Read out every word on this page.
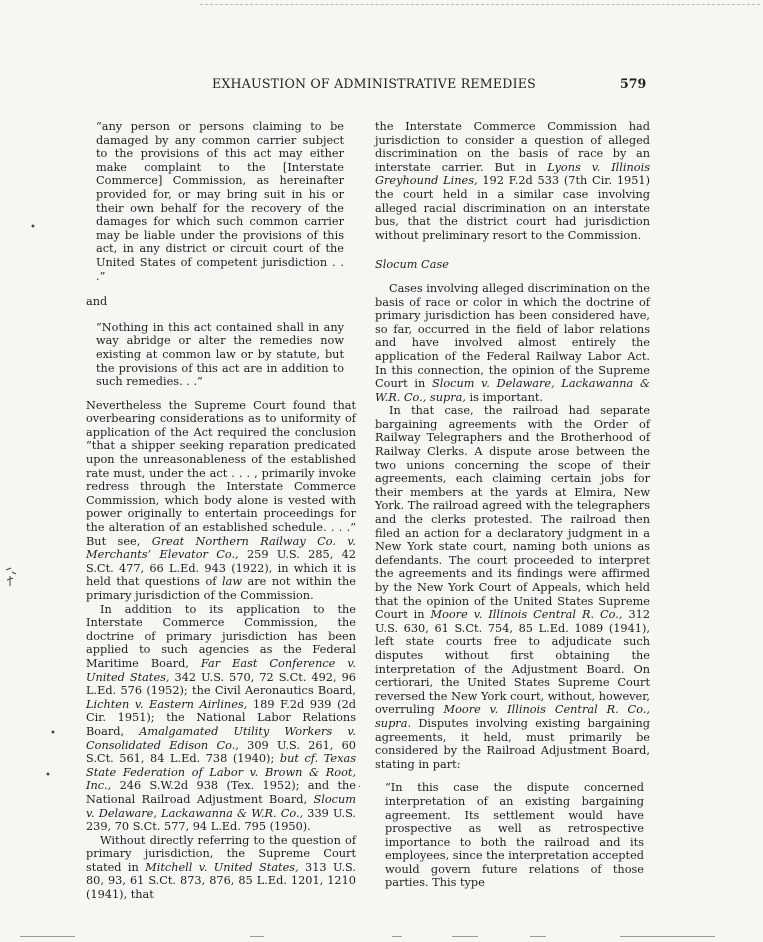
EXHAUSTION OF ADMINISTRATIVE REMEDIES	579
•
•
•
·

“any person or persons claiming to be damaged by any common carrier subject to the provisions of this act may either make complaint to the [Interstate Commerce] Commission, as hereinafter provided for, or may bring suit in his or their own behalf for the recovery of the damages for which such common carrier may be liable under the provisions of this act, in any district or circuit court of the United States of competent jurisdiction . . .”

and

“Nothing in this act contained shall in any way abridge or alter the remedies now existing at common law or by statute, but the provisions of this act are in addition to such remedies. . .”

Nevertheless the Supreme Court found that overbearing considerations as to uniformity of application of the Act required the conclusion “that a shipper seeking reparation predicated upon the unreasonableness of the established rate must, under the act . . . , primarily invoke redress through the Interstate Commerce Commission, which body alone is vested with power originally to entertain proceedings for the alteration of an established schedule. . . .” But see, Great Northern Railway Co. v. Merchants’ Elevator Co., 259 U.S. 285, 42 S.Ct. 477, 66 L.Ed. 943 (1922), in which it is held that questions of law are not within the primary jurisdiction of the Commission.

In addition to its application to the Interstate Commerce Commission, the doctrine of primary jurisdiction has been applied to such agencies as the Federal Maritime Board, Far East Conference v. United States, 342 U.S. 570, 72 S.Ct. 492, 96 L.Ed. 576 (1952); the Civil Aeronautics Board, Lichten v. Eastern Airlines, 189 F.2d 939 (2d Cir. 1951); the National Labor Relations Board, Amalgamated Utility Workers v. Consolidated Edison Co., 309 U.S. 261, 60 S.Ct. 561, 84 L.Ed. 738 (1940); but cf. Texas State Federation of Labor v. Brown & Root, Inc., 246 S.W.2d 938 (Tex. 1952); and the National Railroad Adjustment Board, Slocum v. Delaware, Lackawanna & W.R. Co., 339 U.S. 239, 70 S.Ct. 577, 94 L.Ed. 795 (1950).

Without directly referring to the question of primary jurisdiction, the Supreme Court stated in Mitchell v. United States, 313 U.S. 80, 93, 61 S.Ct. 873, 876, 85 L.Ed. 1201, 1210 (1941), that

the Interstate Commerce Commission had jurisdiction to consider a question of alleged discrimination on the basis of race by an interstate carrier. But in Lyons v. Illinois Greyhound Lines, 192 F.2d 533 (7th Cir. 1951) the court held in a similar case involving alleged racial discrimination on an interstate bus, that the district court had jurisdiction without preliminary resort to the Commission.

Slocum Case

Cases involving alleged discrimination on the basis of race or color in which the doctrine of primary jurisdiction has been considered have, so far, occurred in the field of labor relations and have involved almost entirely the application of the Federal Railway Labor Act. In this connection, the opinion of the Supreme Court in Slocum v. Delaware, Lackawanna & W.R. Co., supra, is important.

In that case, the railroad had separate bargaining agreements with the Order of Railway Telegraphers and the Brotherhood of Railway Clerks. A dispute arose between the two unions concerning the scope of their agreements, each claiming certain jobs for their members at the yards at Elmira, New York. The railroad agreed with the telegraphers and the clerks protested. The railroad then filed an action for a declaratory judgment in a New York state court, naming both unions as defendants. The court proceeded to interpret the agreements and its findings were affirmed by the New York Court of Appeals, which held that the opinion of the United States Supreme Court in Moore v. Illinois Central R. Co., 312 U.S. 630, 61 S.Ct. 754, 85 L.Ed. 1089 (1941), left state courts free to adjudicate such disputes without first obtaining the interpretation of the Adjustment Board. On certiorari, the United States Supreme Court reversed the New York court, without, however, overruling Moore v. Illinois Central R. Co., supra. Disputes involving existing bargaining agreements, it held, must primarily be considered by the Railroad Adjustment Board, stating in part:

“In this case the dispute concerned interpretation of an existing bargaining agreement. Its settlement would have prospective as well as retrospective importance to both the railroad and its employees, since the interpretation accepted would govern future relations of those parties. This type
